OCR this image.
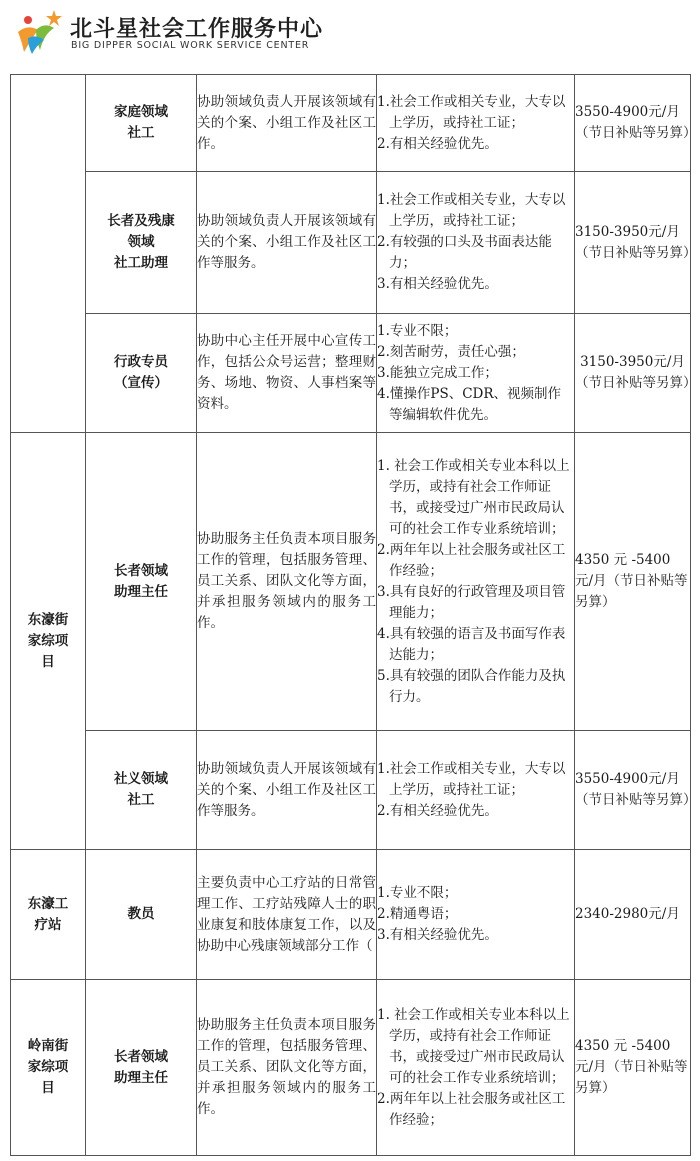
北斗星社会工作服务中心
BIG DIPPER SOCIAL WORK SERVICE CENTER
	家庭领域
社工	协助领域负责人开展该领域有关的个案、小组工作及社区工作。	1.社会工作或相关专业，大专以上学历，或持社工证；
2.有相关经验优先。	3550-4900元/月（节日补贴等另算）
	长者及残康
领域
社工助理	协助领域负责人开展该领域有关的个案、小组工作及社区工作等服务。	1.社会工作或相关专业，大专以上学历，或持社工证；
2.有较强的口头及书面表达能力；
3.有相关经验优先。	3150-3950元/月（节日补贴等另算）
	行政专员
（宣传）	协助中心主任开展中心宣传工作，包括公众号运营；整理财务、场地、物资、人事档案等资料。	1.专业不限；
2.刻苦耐劳，责任心强；
3.能独立完成工作；
4.懂操作PS、CDR、视频制作等编辑软件优先。	3150-3950元/月（节日补贴等另算）
东濠街
家综项
目	长者领域
助理主任	协助服务主任负责本项目服务工作的管理，包括服务管理、员工关系、团队文化等方面，并承担服务领域内的服务工作。	1. 社会工作或相关专业本科以上学历，或持有社会工作师证书，或接受过广州市民政局认可的社会工作专业系统培训；
2.两年年以上社会服务或社区工作经验；
3.具有良好的行政管理及项目管理能力；
4.具有较强的语言及书面写作表达能力；
5.具有较强的团队合作能力及执行力。	4350 元 -5400 元/月（节日补贴等另算）
	社义领域
社工	协助领域负责人开展该领域有关的个案、小组工作及社区工作等服务。	1.社会工作或相关专业，大专以上学历，或持社工证；
2.有相关经验优先。	3550-4900元/月（节日补贴等另算）
东濠工
疗站	教员	主要负责中心工疗站的日常管理工作、工疗站残障人士的职业康复和肢体康复工作，以及协助中心残康领域部分工作（	1.专业不限；
2.精通粤语；
3.有相关经验优先。	2340-2980元/月
岭南街
家综项
目	长者领域
助理主任	协助服务主任负责本项目服务工作的管理，包括服务管理、员工关系、团队文化等方面，并承担服务领域内的服务工作。	1. 社会工作或相关专业本科以上学历，或持有社会工作师证书，或接受过广州市民政局认可的社会工作专业系统培训；
2.两年年以上社会服务或社区工作经验；	4350 元 -5400 元/月（节日补贴等另算）
